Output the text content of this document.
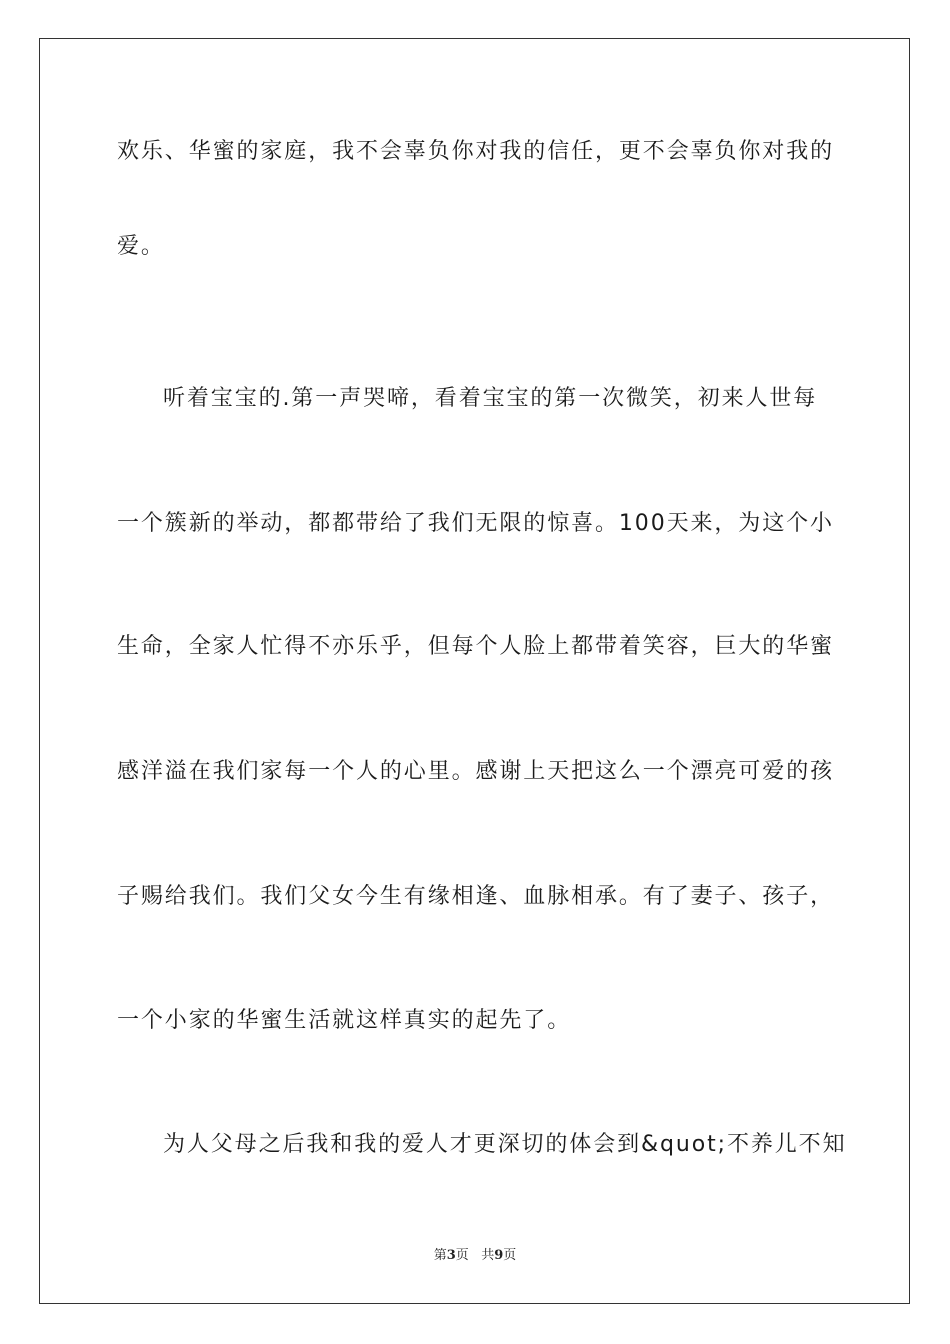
欢乐、华蜜的家庭，我不会辜负你对我的信任，更不会辜负你对我的
爱。
听着宝宝的.第一声哭啼，看着宝宝的第一次微笑，初来人世每
一个簇新的举动，都都带给了我们无限的惊喜。100天来，为这个小
生命，全家人忙得不亦乐乎，但每个人脸上都带着笑容，巨大的华蜜
感洋溢在我们家每一个人的心里。感谢上天把这么一个漂亮可爱的孩
子赐给我们。我们父女今生有缘相逢、血脉相承。有了妻子、孩子，
一个小家的华蜜生活就这样真实的起先了。
为人父母之后我和我的爱人才更深切的体会到&quot;不养儿不知
第3页 共9页
